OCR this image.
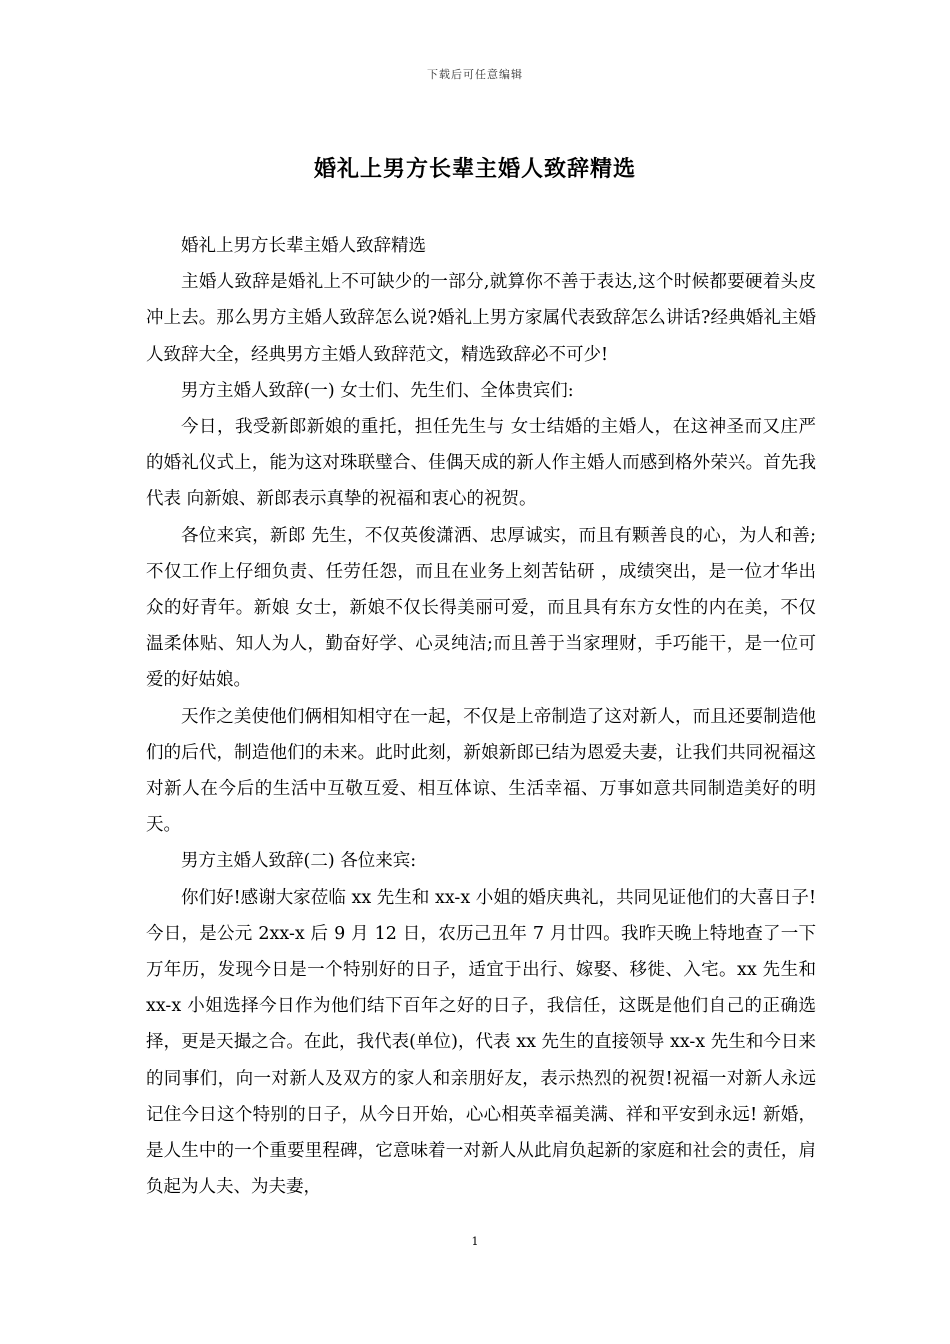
下载后可任意编辑
婚礼上男方长辈主婚人致辞精选

婚礼上男方长辈主婚人致辞精选

主婚人致辞是婚礼上不可缺少的一部分,就算你不善于表达,这个时候都要硬着头皮冲上去。那么男方主婚人致辞怎么说?婚礼上男方家属代表致辞怎么讲话?经典婚礼主婚人致辞大全，经典男方主婚人致辞范文，精选致辞必不可少!

男方主婚人致辞(一) 女士们、先生们、全体贵宾们:

今日，我受新郎新娘的重托，担任先生与 女士结婚的主婚人，在这神圣而又庄严的婚礼仪式上，能为这对珠联璧合、佳偶天成的新人作主婚人而感到格外荣兴。首先我代表 向新娘、新郎表示真挚的祝福和衷心的祝贺。

各位来宾，新郎 先生，不仅英俊潇洒、忠厚诚实，而且有颗善良的心，为人和善;不仅工作上仔细负责、任劳任怨，而且在业务上刻苦钻研 ，成绩突出，是一位才华出众的好青年。新娘 女士，新娘不仅长得美丽可爱，而且具有东方女性的内在美，不仅温柔体贴、知人为人，勤奋好学、心灵纯洁;而且善于当家理财，手巧能干，是一位可爱的好姑娘。

天作之美使他们俩相知相守在一起，不仅是上帝制造了这对新人，而且还要制造他们的后代，制造他们的未来。此时此刻，新娘新郎已结为恩爱夫妻，让我们共同祝福这对新人在今后的生活中互敬互爱、相互体谅、生活幸福、万事如意共同制造美好的明天。

男方主婚人致辞(二) 各位来宾:

你们好!感谢大家莅临 xx 先生和 xx-x 小姐的婚庆典礼，共同见证他们的大喜日子! 今日，是公元 2xx-x 后 9 月 12 日，农历己丑年 7 月廿四。我昨天晚上特地查了一下万年历，发现今日是一个特别好的日子，适宜于出行、嫁娶、移徙、入宅。xx 先生和 xx-x 小姐选择今日作为他们结下百年之好的日子，我信任，这既是他们自己的正确选择，更是天撮之合。在此，我代表(单位)，代表 xx 先生的直接领导 xx-x 先生和今日来的同事们，向一对新人及双方的家人和亲朋好友，表示热烈的祝贺!祝福一对新人永远记住今日这个特别的日子，从今日开始，心心相英幸福美满、祥和平安到永远! 新婚，是人生中的一个重要里程碑，它意味着一对新人从此肩负起新的家庭和社会的责任，肩负起为人夫、为夫妻，

1
